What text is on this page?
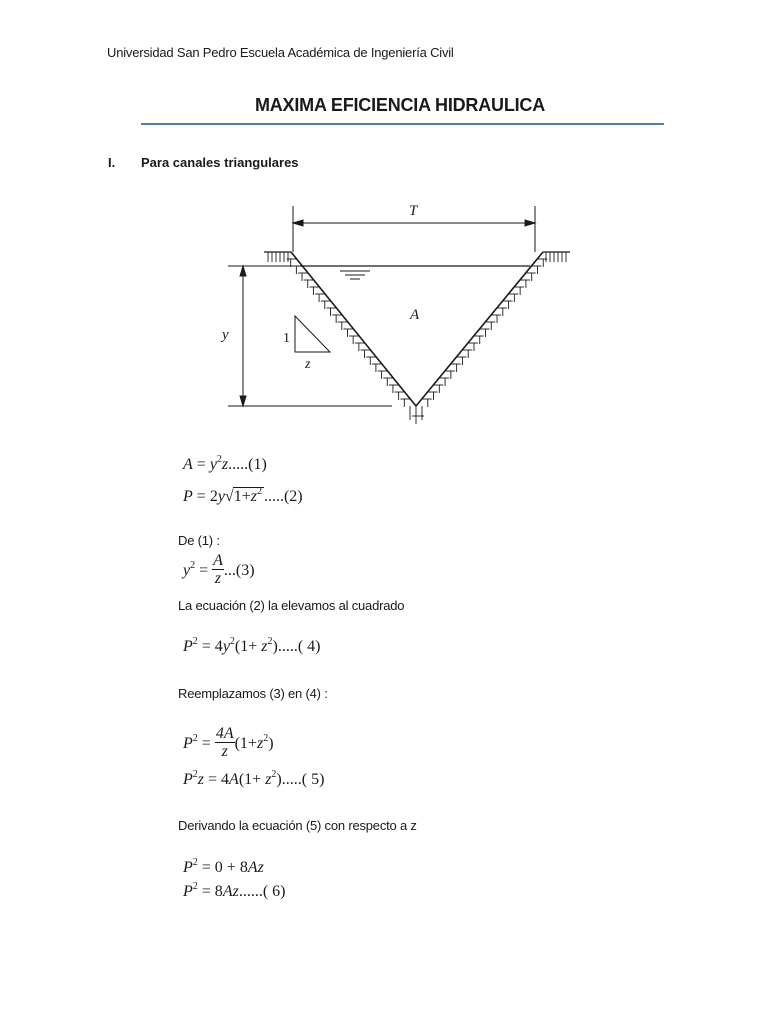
Universidad San Pedro Escuela Académica de Ingeniería Civil
MAXIMA EFICIENCIA HIDRAULICA
I. Para canales triangulares
T
A
y	1
z
$A = y^2z.....(1)$
$P = 2y√1+z^2$ .....(2)
De (1) :
$y^2 = \frac{A}{z} ...(3)$
La ecuación (2) la elevamos al cuadrado
$P^2 = 4y^2(1+ z^2)$.....( 4)
Reemplazamos (3) en (4) :
$P^2 = \frac{4A}{z} (1+z^2)$
$P^2z = 4A(1+ z^2)$.....( 5)
Derivando la ecuación (5) con respecto a z
$P^2 = 0 + 8Az$
$P^2 = 8Az$......( 6)
